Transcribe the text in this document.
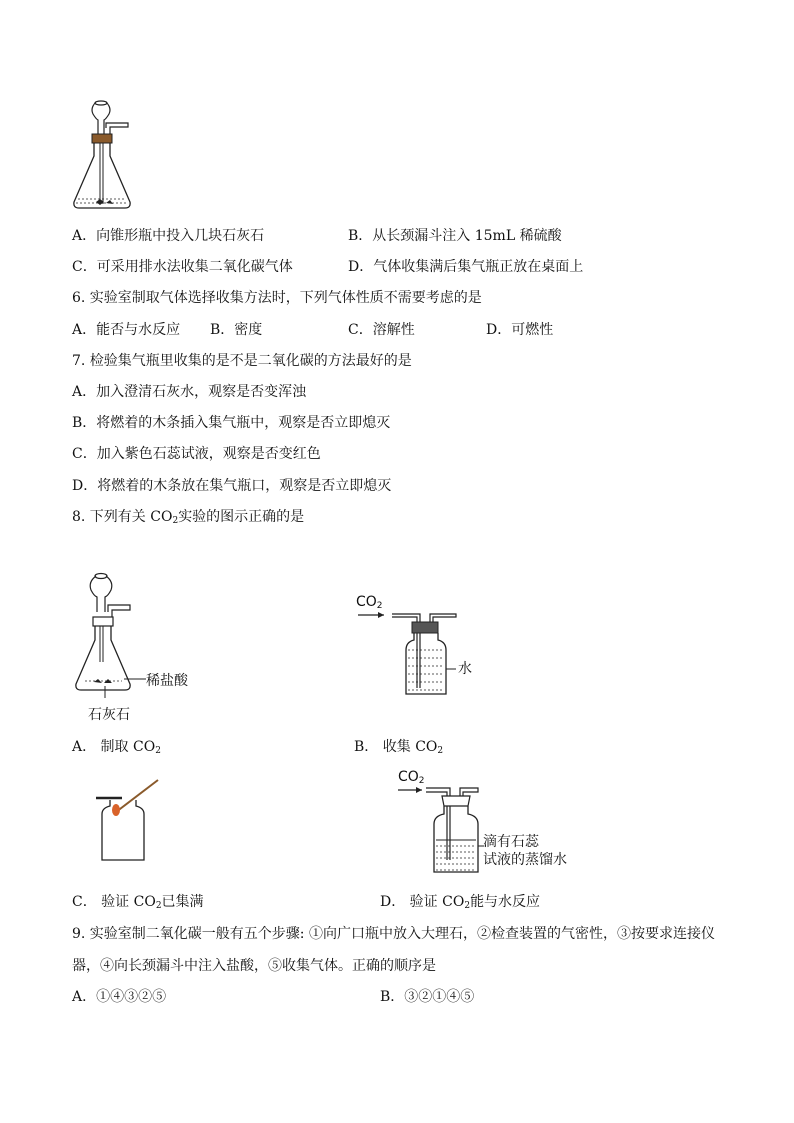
A．向锥形瓶中投入几块石灰石	B．从长颈漏斗注入 15mL 稀硫酸
C．可采用排水法收集二氧化碳气体	D．气体收集满后集气瓶正放在桌面上
6. 实验室制取气体选择收集方法时，下列气体性质不需要考虑的是
A．能否与水反应 B．密度	C．溶解性	D．可燃性
7. 检验集气瓶里收集的是不是二氧化碳的方法最好的是
A．加入澄清石灰水，观察是否变浑浊
B．将燃着的木条插入集气瓶中，观察是否立即熄灭
C．加入紫色石蕊试液，观察是否变红色
D．将燃着的木条放在集气瓶口，观察是否立即熄灭
8. 下列有关 $CO_2$实验的图示正确的是
稀盐酸
石灰石
$CO_2$
水
A． 制取 $CO_2$	B． 收集 $CO_2$
$CO_2$
滴有石蕊
试液的蒸馏水
C． 验证 $CO_2$已集满	D． 验证 $CO_2$能与水反应
9. 实验室制二氧化碳一般有五个步骤: ①向广口瓶中放入大理石，②检查装置的气密性，③按要求连接仪
器，④向长颈漏斗中注入盐酸，⑤收集气体。正确的顺序是
A．①④③②⑤	B．③②①④⑤
